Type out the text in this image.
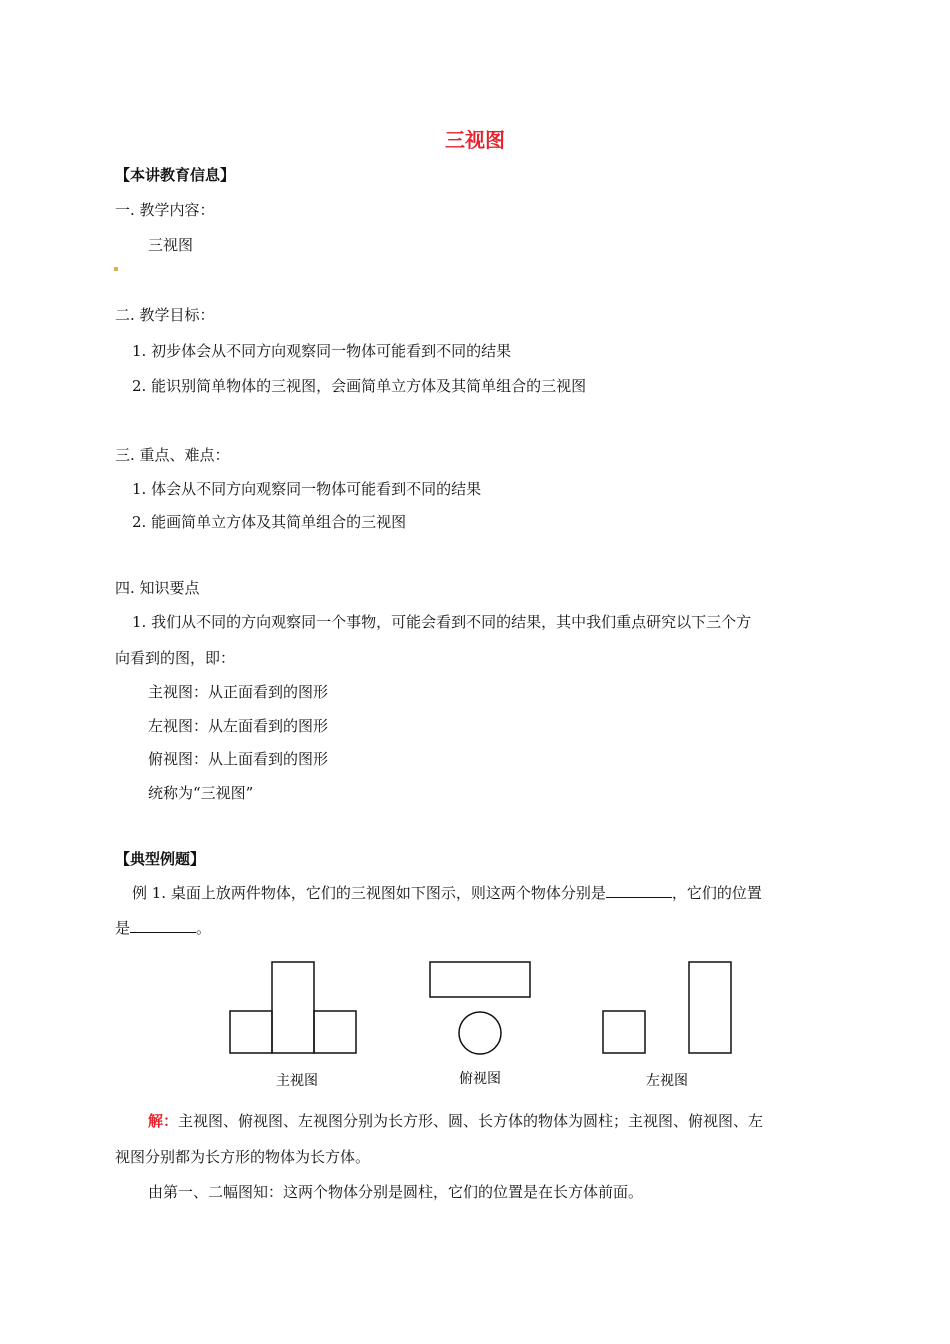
三视图
【本讲教育信息】
一. 教学内容：
三视图
二. 教学目标：
1. 初步体会从不同方向观察同一物体可能看到不同的结果
2. 能识别简单物体的三视图，会画简单立方体及其简单组合的三视图
三. 重点、难点：
1. 体会从不同方向观察同一物体可能看到不同的结果
2. 能画简单立方体及其简单组合的三视图
四. 知识要点
1. 我们从不同的方向观察同一个事物，可能会看到不同的结果，其中我们重点研究以下三个方
向看到的图，即：
主视图：从正面看到的图形
左视图：从左面看到的图形
俯视图：从上面看到的图形
统称为“三视图”
【典型例题】
例 1. 桌面上放两件物体，它们的三视图如下图示，则这两个物体分别是	，它们的位置
是	。
主视图	俯视图	左视图
解：主视图、俯视图、左视图分别为长方形、圆、长方体的物体为圆柱；主视图、俯视图、左
视图分别都为长方形的物体为长方体。
由第一、二幅图知：这两个物体分别是圆柱，它们的位置是在长方体前面。
